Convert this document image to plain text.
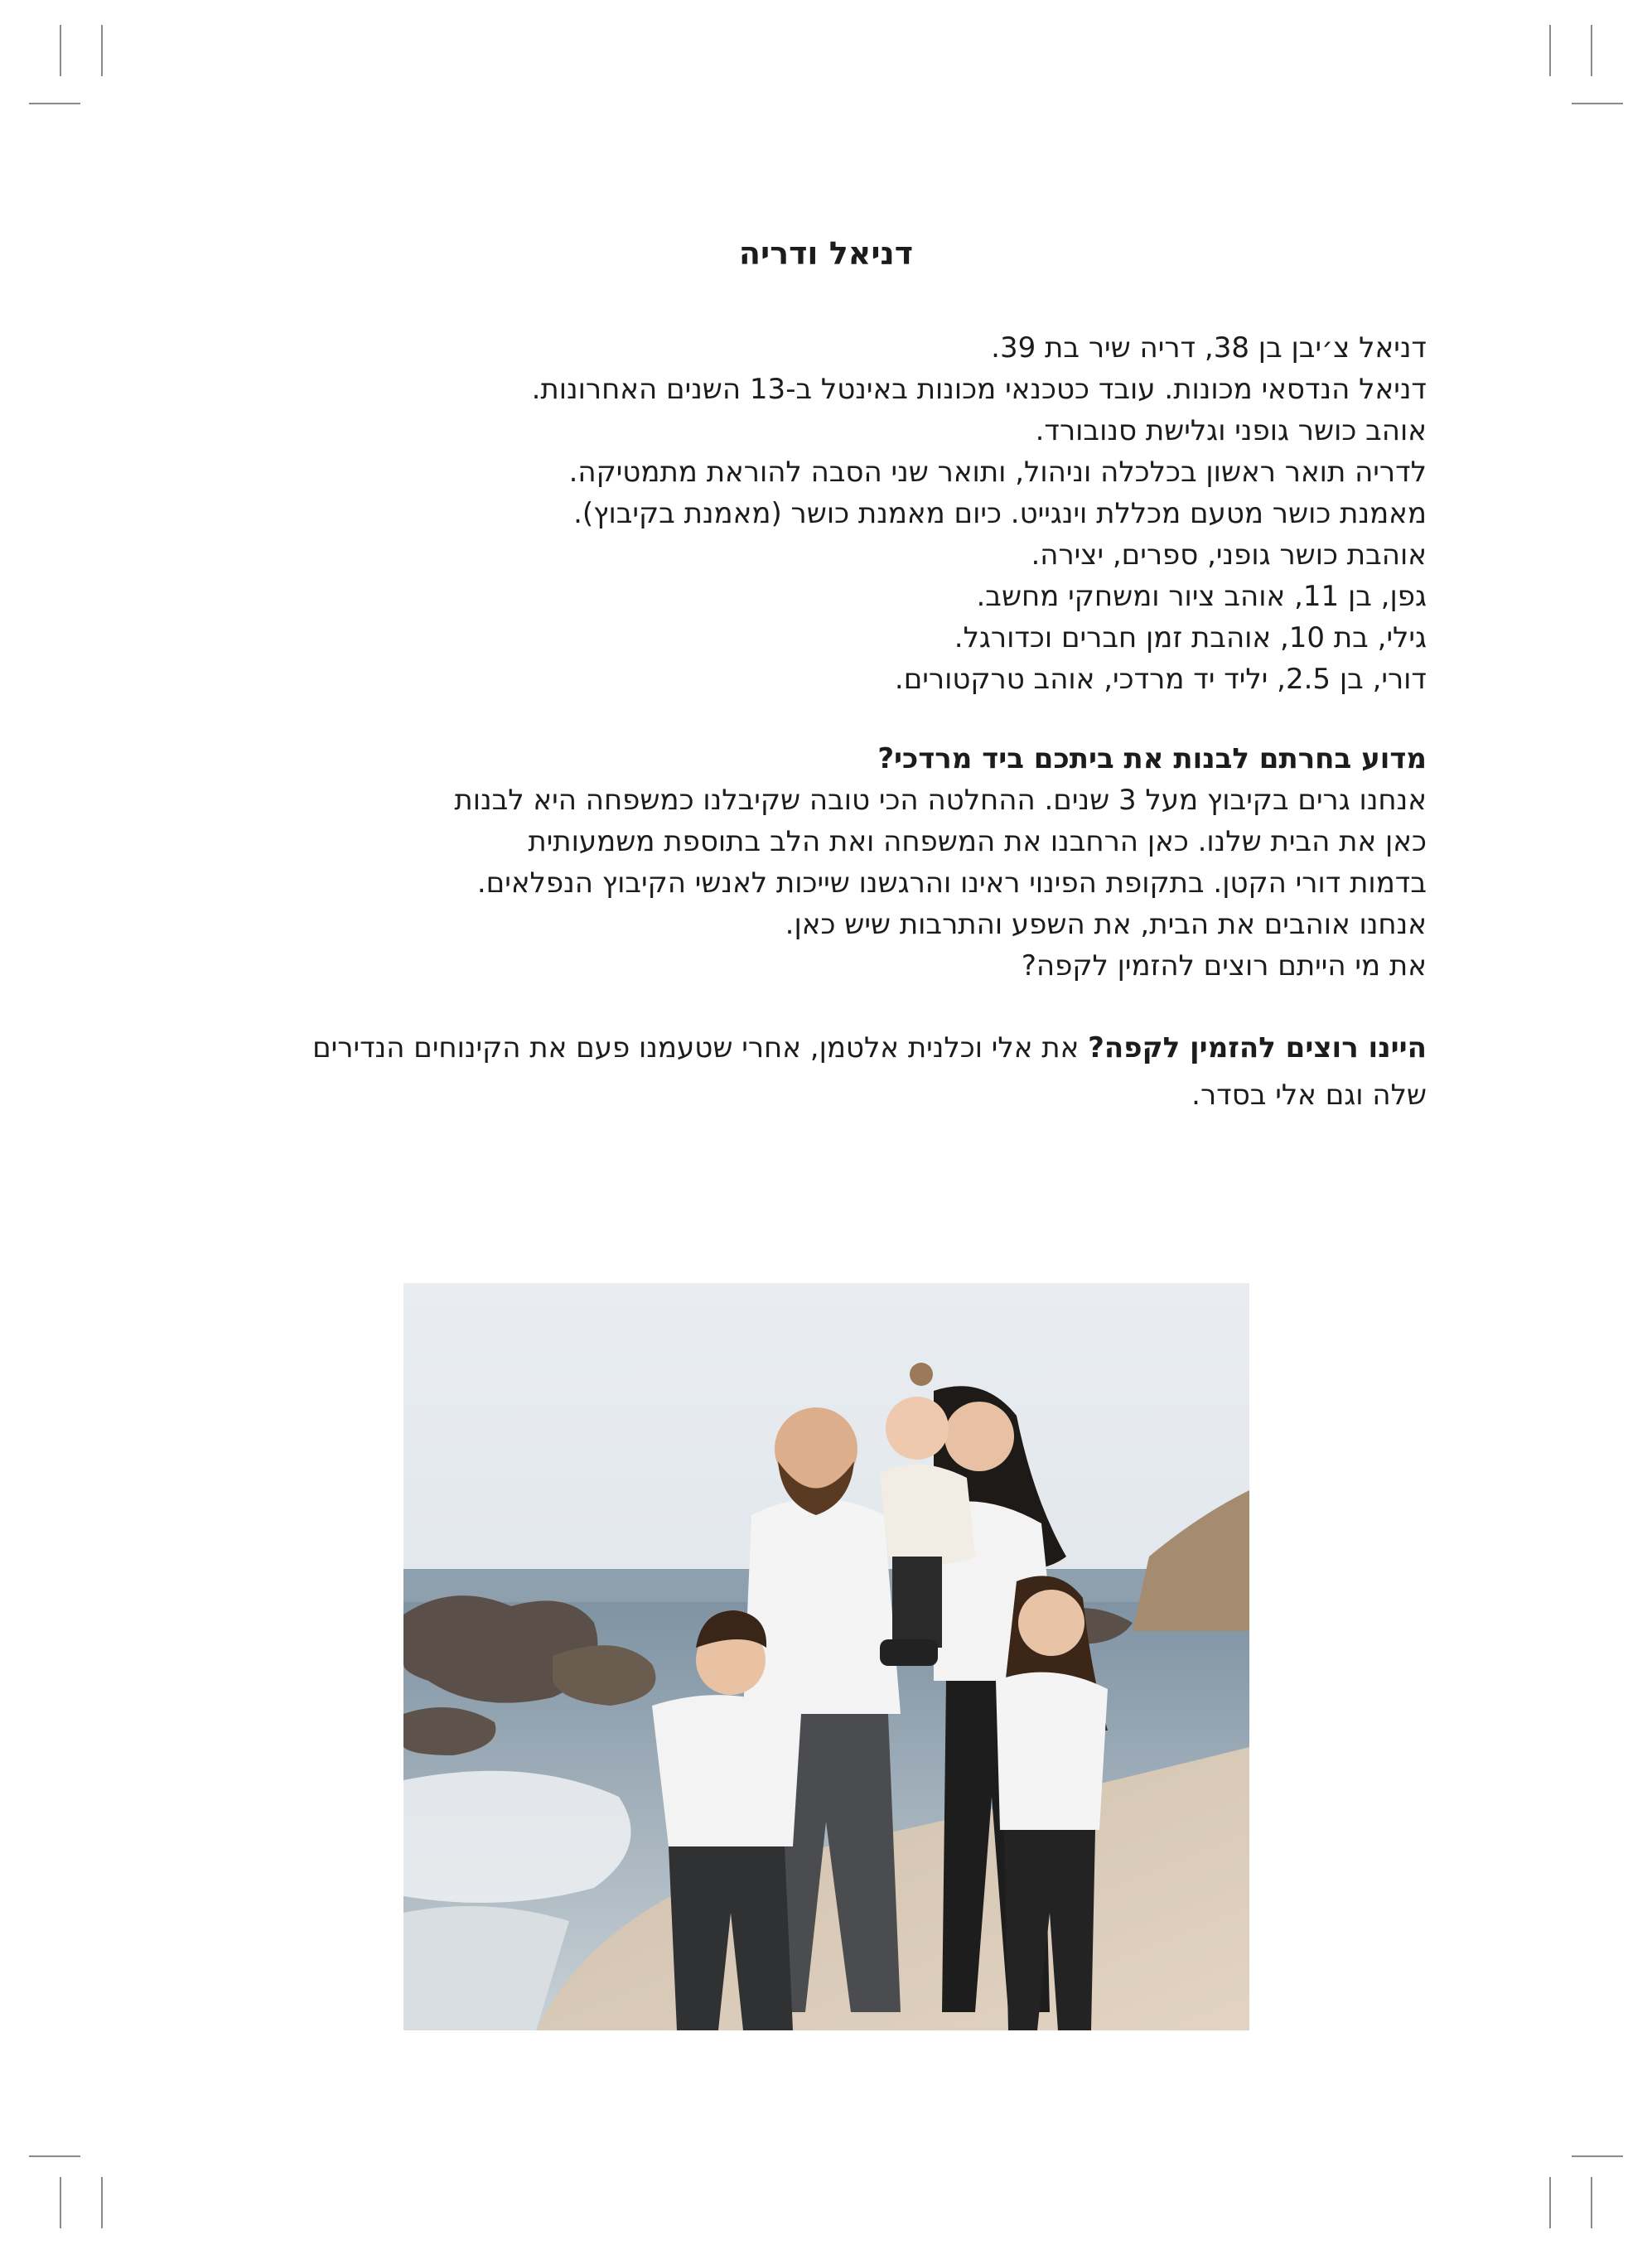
דניאל ודריה
דניאל צ׳יבן בן 38, דריה שיר בת 39.
דניאל הנדסאי מכונות. עובד כטכנאי מכונות באינטל ב-13 השנים האחרונות.
אוהב כושר גופני וגלישת סנובורד.
לדריה תואר ראשון בכלכלה וניהול, ותואר שני הסבה להוראת מתמטיקה.
מאמנת כושר מטעם מכללת וינגייט. כיום מאמנת כושר (מאמנת בקיבוץ).
אוהבת כושר גופני, ספרים, יצירה.
גפן, בן 11, אוהב ציור ומשחקי מחשב.
גילי, בת 10, אוהבת זמן חברים וכדורגל.
דורי, בן 2.5, יליד יד מרדכי, אוהב טרקטורים.
מדוע בחרתם לבנות את ביתכם ביד מרדכי?
אנחנו גרים בקיבוץ מעל 3 שנים. ההחלטה הכי טובה שקיבלנו כמשפחה היא לבנות
כאן את הבית שלנו. כאן הרחבנו את המשפחה ואת הלב בתוספת משמעותית
בדמות דורי הקטן. בתקופת הפינוי ראינו והרגשנו שייכות לאנשי הקיבוץ הנפלאים.
אנחנו אוהבים את הבית, את השפע והתרבות שיש כאן.
את מי הייתם רוצים להזמין לקפה?
היינו רוצים להזמין לקפה? את אלי וכלנית אלטמן, אחרי שטעמנו פעם את הקינוחים הנדירים שלה וגם אלי בסדר.
